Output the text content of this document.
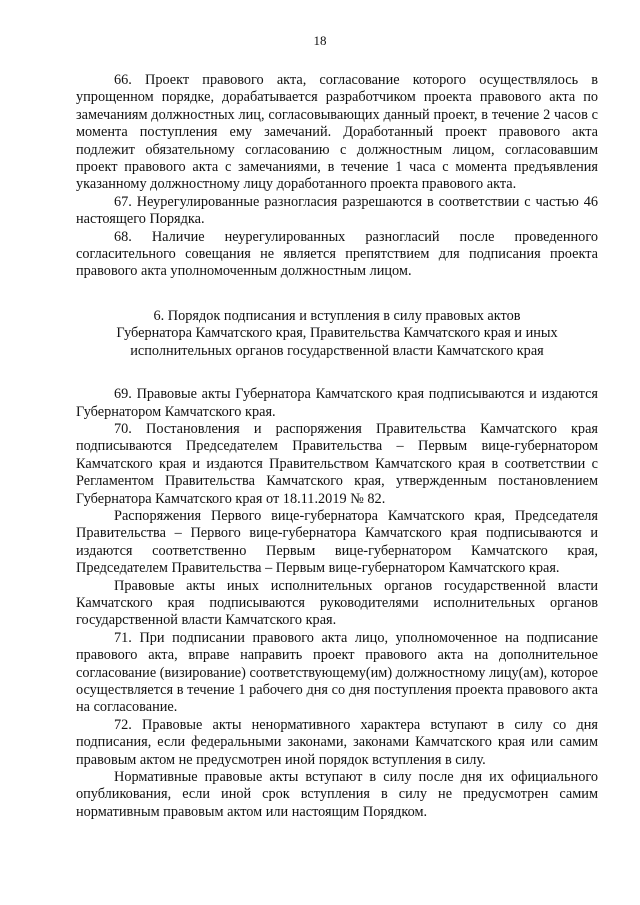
18

66. Проект правового акта, согласование которого осуществлялось в упрощенном порядке, дорабатывается разработчиком проекта правового акта по замечаниям должностных лиц, согласовывающих данный проект, в течение 2 часов с момента поступления ему замечаний. Доработанный проект правового акта подлежит обязательному согласованию с должностным лицом, согласовавшим проект правового акта с замечаниями, в течение 1 часа с момента предъявления указанному должностному лицу доработанного проекта правового акта.

67. Неурегулированные разногласия разрешаются в соответствии с частью 46 настоящего Порядка.

68. Наличие неурегулированных разногласий после проведенного согласительного совещания не является препятствием для подписания проекта правового акта уполномоченным должностным лицом.

6. Порядок подписания и вступления в силу правовых актов
Губернатора Камчатского края, Правительства Камчатского края и иных
исполнительных органов государственной власти Камчатского края

69. Правовые акты Губернатора Камчатского края подписываются и издаются Губернатором Камчатского края.

70. Постановления и распоряжения Правительства Камчатского края подписываются Председателем Правительства – Первым вице-губернатором Камчатского края и издаются Правительством Камчатского края в соответствии с Регламентом Правительства Камчатского края, утвержденным постановлением Губернатора Камчатского края от 18.11.2019 № 82.

Распоряжения Первого вице-губернатора Камчатского края, Председателя Правительства – Первого вице-губернатора Камчатского края подписываются и издаются соответственно Первым вице-губернатором Камчатского края, Председателем Правительства – Первым вице-губернатором Камчатского края.

Правовые акты иных исполнительных органов государственной власти Камчатского края подписываются руководителями исполнительных органов государственной власти Камчатского края.

71. При подписании правового акта лицо, уполномоченное на подписание правового акта, вправе направить проект правового акта на дополнительное согласование (визирование) соответствующему(им) должностному лицу(ам), которое осуществляется в течение 1 рабочего дня со дня поступления проекта правового акта на согласование.

72. Правовые акты ненормативного характера вступают в силу со дня подписания, если федеральными законами, законами Камчатского края или самим правовым актом не предусмотрен иной порядок вступления в силу.

Нормативные правовые акты вступают в силу после дня их официального опубликования, если иной срок вступления в силу не предусмотрен самим нормативным правовым актом или настоящим Порядком.
